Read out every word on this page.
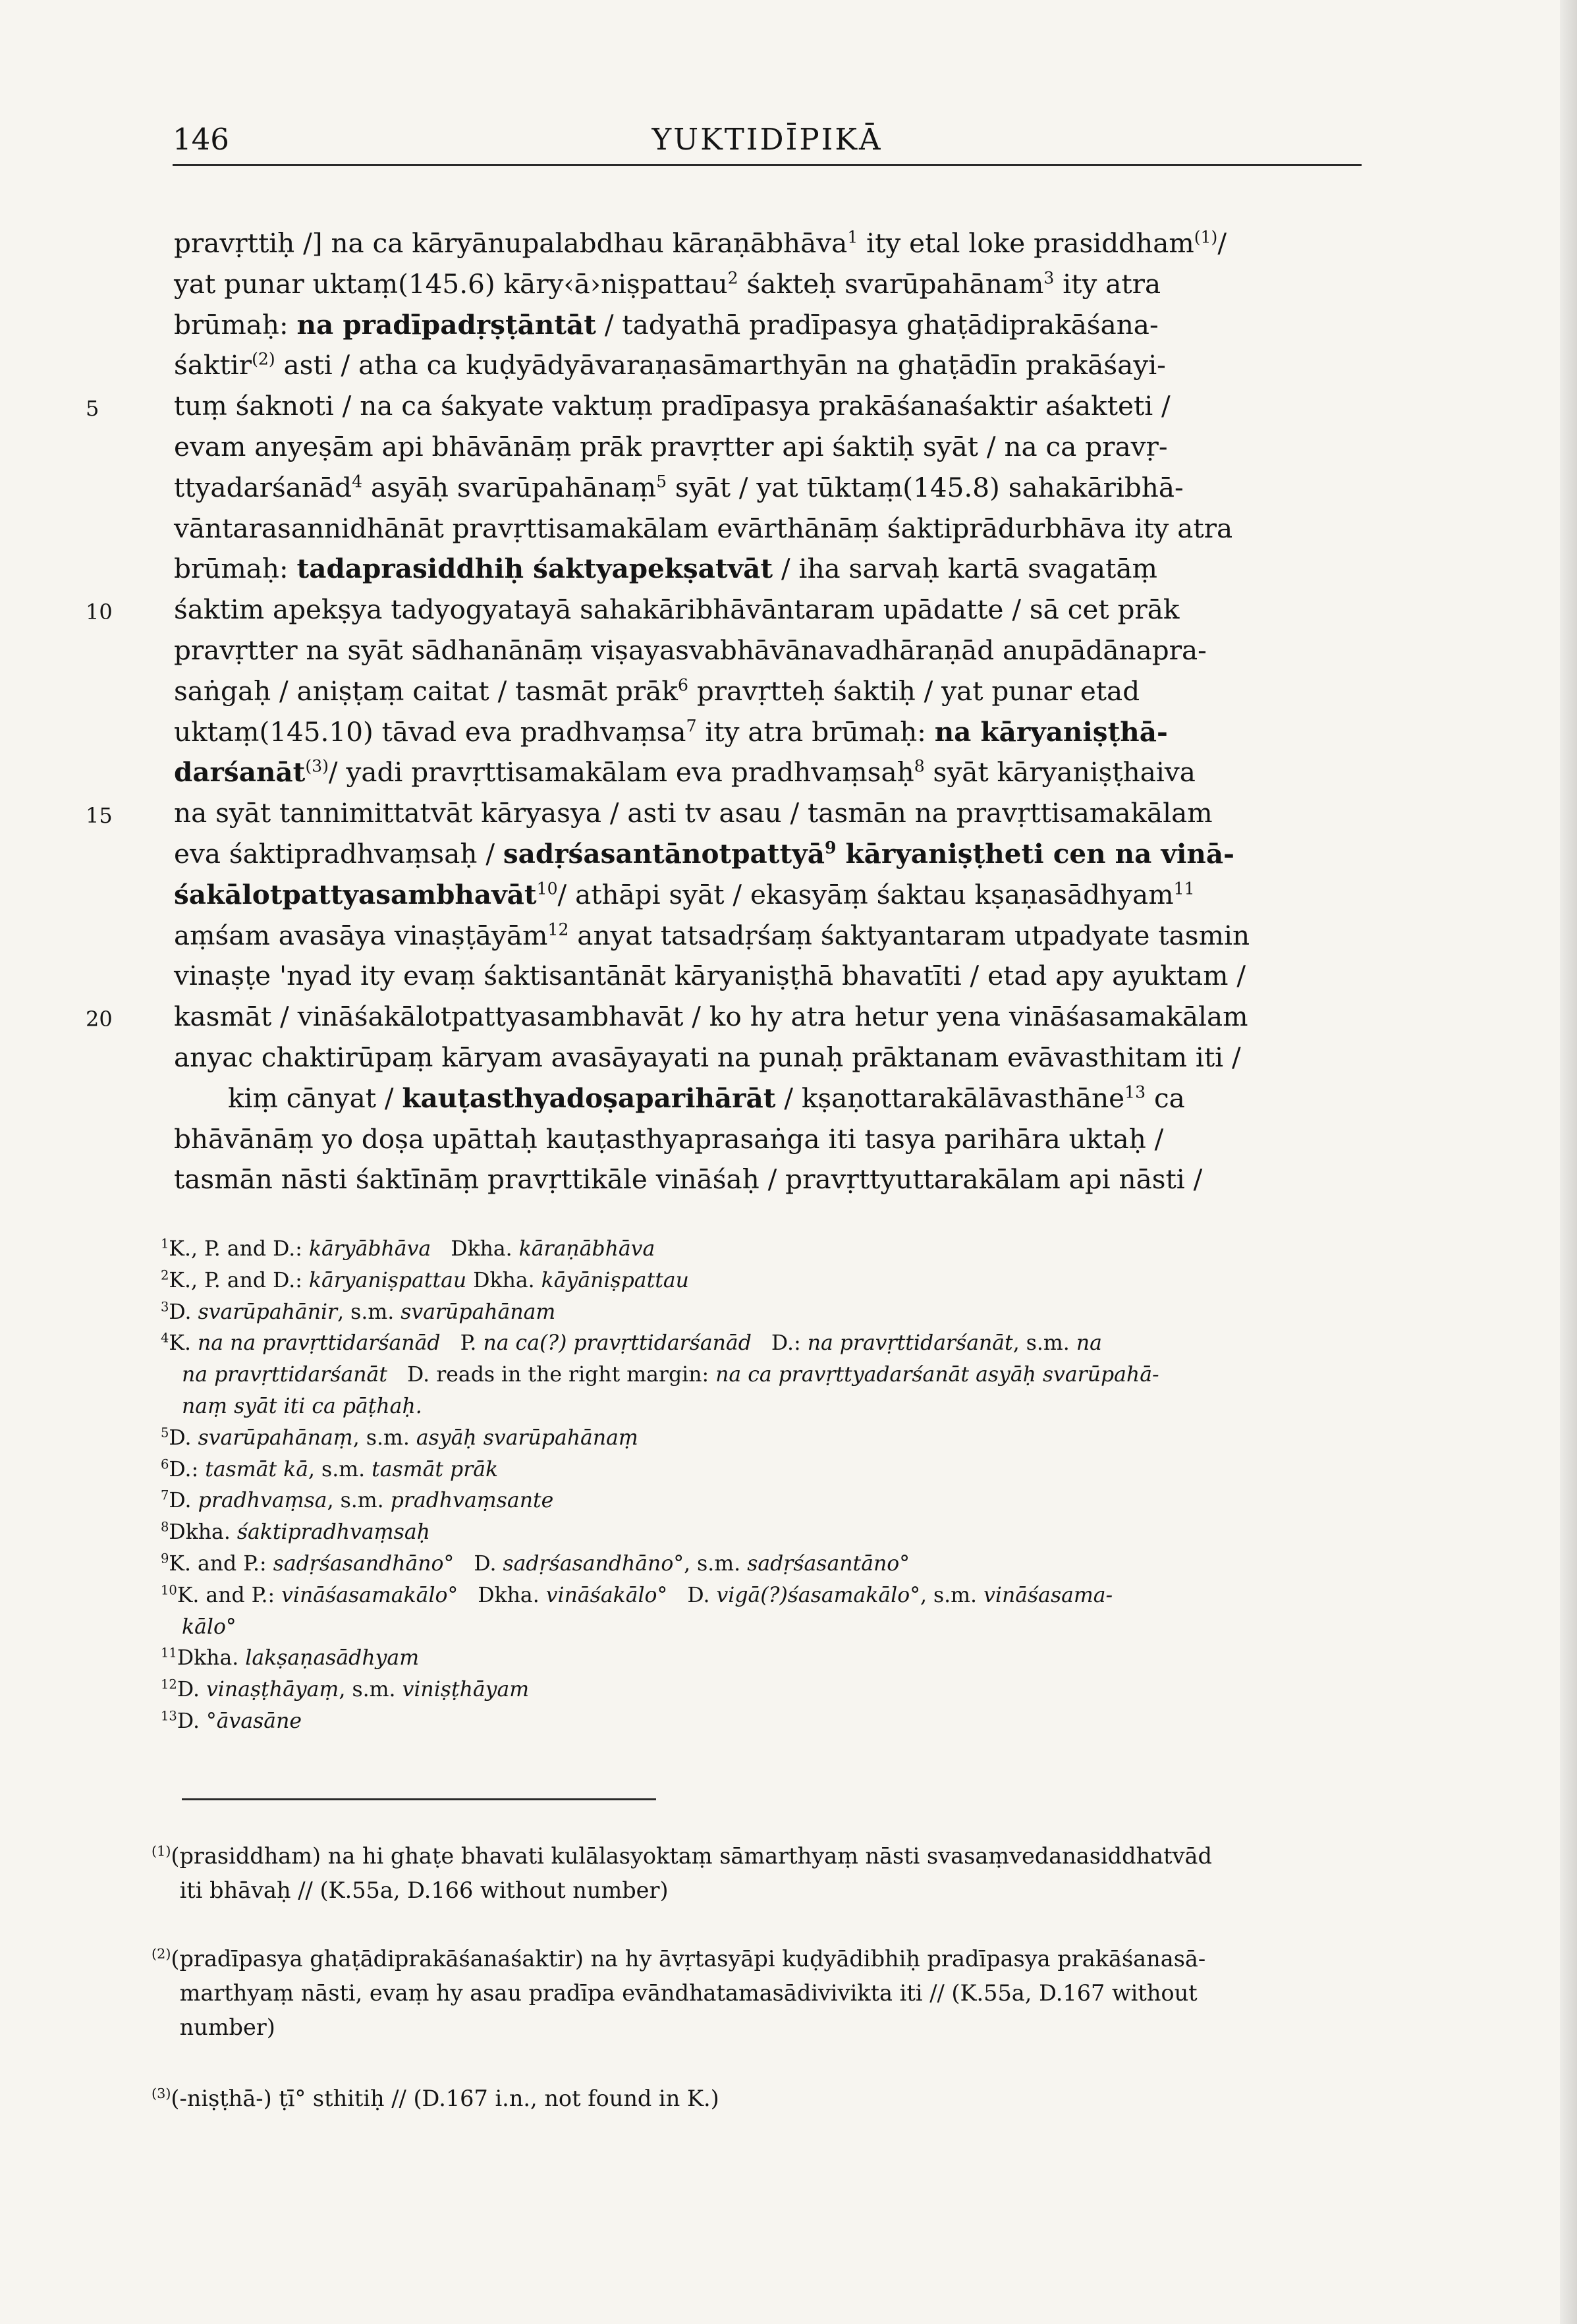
146	YUKTIDĪPIKĀ
pravṛttiḥ /] na ca kāryānupalabdhau kāraṇābhāva$^1$ ity etal loke prasiddham$^{(1)}$/
yat punar uktaṃ(145.6) kāry‹ā›niṣpattau$^2$ śakteḥ svarūpahānam$^3$ ity atra
brūmaḥ: na pradīpadṛṣṭāntāt / tadyathā pradīpasya ghaṭādiprakāśana-
śaktir$^{(2)}$ asti / atha ca kuḍyādyāvaraṇasāmarthyān na ghaṭādīn prakāśayi-
5	tuṃ śaknoti / na ca śakyate vaktuṃ pradīpasya prakāśanaśaktir aśakteti /
evam anyeṣām api bhāvānāṃ prāk pravṛtter api śaktiḥ syāt / na ca pravṛ-
ttyadarśanād$^4$ asyāḥ svarūpahānaṃ$^5$ syāt / yat tūktaṃ(145.8) sahakāribhā-
vāntarasannidhānāt pravṛttisamakālam evārthānāṃ śaktiprādurbhāva ity atra
brūmaḥ: tadaprasiddhiḥ śaktyapekṣatvāt / iha sarvaḥ kartā svagatāṃ
10 śaktim apekṣya tadyogyatayā sahakāribhāvāntaram upādatte / sā cet prāk
pravṛtter na syāt sādhanānāṃ viṣayasvabhāvānavadhāraṇād anupādānapra-
saṅgaḥ / aniṣṭaṃ caitat / tasmāt prāk$^6$ pravṛtteḥ śaktiḥ / yat punar etad
uktaṃ(145.10) tāvad eva pradhvaṃsa$^7$ ity atra brūmaḥ: na kāryaniṣṭhā-
darśanāt$^{(3)}$/ yadi pravṛttisamakālam eva pradhvaṃsaḥ$^8$ syāt kāryaniṣṭhaiva
15 na syāt tannimittatvāt kāryasya / asti tv asau / tasmān na pravṛttisamakālam
eva śaktipradhvaṃsaḥ / sadṛśasantānotpattyā$^9$ kāryaniṣṭheti cen na vinā-
śakālotpattyasambhavāt$^{10}$/ athāpi syāt / ekasyāṃ śaktau kṣaṇasādhyam$^{11}$
aṃśam avasāya vinaṣṭāyām$^{12}$ anyat tatsadṛśaṃ śaktyantaram utpadyate tasmin
vinaṣṭe 'nyad ity evaṃ śaktisantānāt kāryaniṣṭhā bhavatīti / etad apy ayuktam /
20 kasmāt / vināśakālotpattyasambhavāt / ko hy atra hetur yena vināśasamakālam
anyac chaktirūpaṃ kāryam avasāyayati na punaḥ prāktanam evāvasthitam iti /
kiṃ cānyat / kauṭasthyadoṣaparihārāt / kṣaṇottarakālāvasthāne$^{13}$ ca
bhāvānāṃ yo doṣa upāttaḥ kauṭasthyaprasaṅga iti tasya parihāra uktaḥ /
tasmān nāsti śaktīnāṃ pravṛttikāle vināśaḥ / pravṛttyuttarakālam api nāsti /
$^1$K., P. and D.: kāryābhāva   Dkha. kāraṇābhāva
$^2$K., P. and D.: kāryaniṣpattau Dkha. kāyāniṣpattau
$^3$D. svarūpahānir, s.m. svarūpahānam
$^4$K. na na pravṛttidarśanād   P. na ca(?) pravṛttidarśanād   D.: na pravṛttidarśanāt, s.m. na
na pravṛttidarśanāt   D. reads in the right margin: na ca pravṛttyadarśanāt asyāḥ svarūpahā-
naṃ syāt iti ca pāṭhaḥ.
$^5$D. svarūpahānaṃ, s.m. asyāḥ svarūpahānaṃ
$^6$D.: tasmāt kā, s.m. tasmāt prāk
$^7$D. pradhvaṃsa, s.m. pradhvaṃsante
$^8$Dkha. śaktipradhvaṃsaḥ
$^9$K. and P.: sadṛśasandhāno°   D. sadṛśasandhāno°, s.m. sadṛśasantāno°
$^{10}$K. and P.: vināśasamakālo°   Dkha. vināśakālo°   D. vigā(?)śasamakālo°, s.m. vināśasama-
kālo°
$^{11}$Dkha. lakṣaṇasādhyam
$^{12}$D. vinaṣṭhāyaṃ, s.m. viniṣṭhāyam
$^{13}$D. °āvasāne
$^{(1)}$(prasiddham) na hi ghaṭe bhavati kulālasyoktaṃ sāmarthyaṃ nāsti svasaṃvedanasiddhatvād
iti bhāvaḥ // (K.55a, D.166 without number)
$^{(2)}$(pradīpasya ghaṭādiprakāśanaśaktir) na hy āvṛtasyāpi kuḍyādibhiḥ pradīpasya prakāśanasā-
marthyaṃ nāsti, evaṃ hy asau pradīpa evāndhatamasādivivikta iti // (K.55a, D.167 without
number)
$^{(3)}$(-niṣṭhā-) ṭī° sthitiḥ // (D.167 i.n., not found in K.)
